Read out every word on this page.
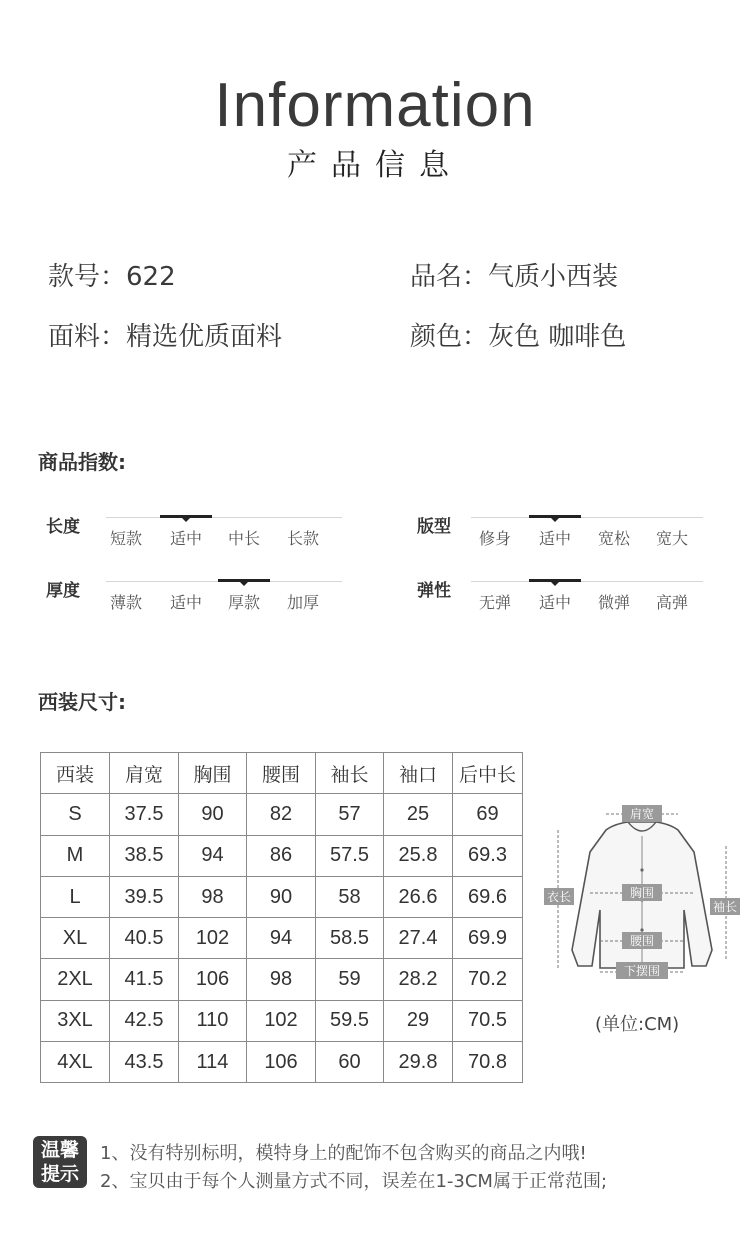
Information
产品信息
款号：622	品名：气质小西装
面料：精选优质面料	颜色：灰色 咖啡色
商品指数:
长度
短款	适中	中长	长款
版型
修身	适中	宽松	宽大
厚度
薄款	适中	厚款	加厚
弹性
无弹	适中	微弹	高弹
西装尺寸:
西装	肩宽	胸围	腰围	袖长	袖口	后中长
S	37.5	90	82	57	25	69
M	38.5	94	86	57.5	25.8	69.3
L	39.5	98	90	58	26.6	69.6
XL	40.5	102	94	58.5	27.4	69.9
2XL	41.5	106	98	59	28.2	70.2
3XL	42.5	110	102	59.5	29	70.5
4XL	43.5	114	106	60	29.8	70.8
肩宽
胸围
腰围
下摆围
衣长
袖长
(单位:CM)
温馨
提示
1、没有特别标明，模特身上的配饰不包含购买的商品之内哦!
2、宝贝由于每个人测量方式不同，误差在1-3CM属于正常范围;
